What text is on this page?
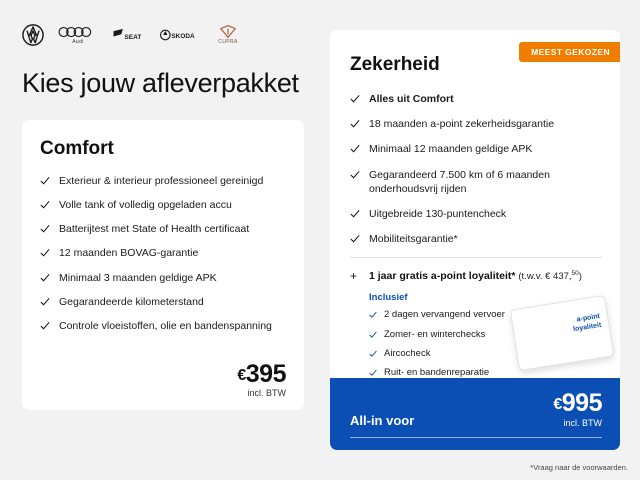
Audi
SEAT	SKODA
CUPRA
Kies jouw afleverpakket
Comfort
Exterieur & interieur professioneel gereinigd
Volle tank of volledig opgeladen accu
Batterijtest met State of Health certificaat
12 maanden BOVAG-garantie
Minimaal 3 maanden geldige APK
Gegarandeerde kilometerstand
Controle vloeistoffen, olie en bandenspanning
€395
incl. BTW
MEEST GEKOZEN
Zekerheid
Alles uit Comfort
18 maanden a-point zekerheidsgarantie
Minimaal 12 maanden geldige APK
Gegarandeerd 7.500 km of 6 maanden onderhoudsvrij rijden
Uitgebreide 130-puntencheck
Mobiliteitsgarantie*
+ 1 jaar gratis a-point loyaliteit* (t.w.v. € 437,50)
Inclusief
2 dagen vervangend vervoer
Zomer- en winterchecks
Aircocheck
Ruit- en bandenreparatie
a-point
loyaliteit
All-in voor
€995
incl. BTW
*Vraag naar de voorwaarden.
